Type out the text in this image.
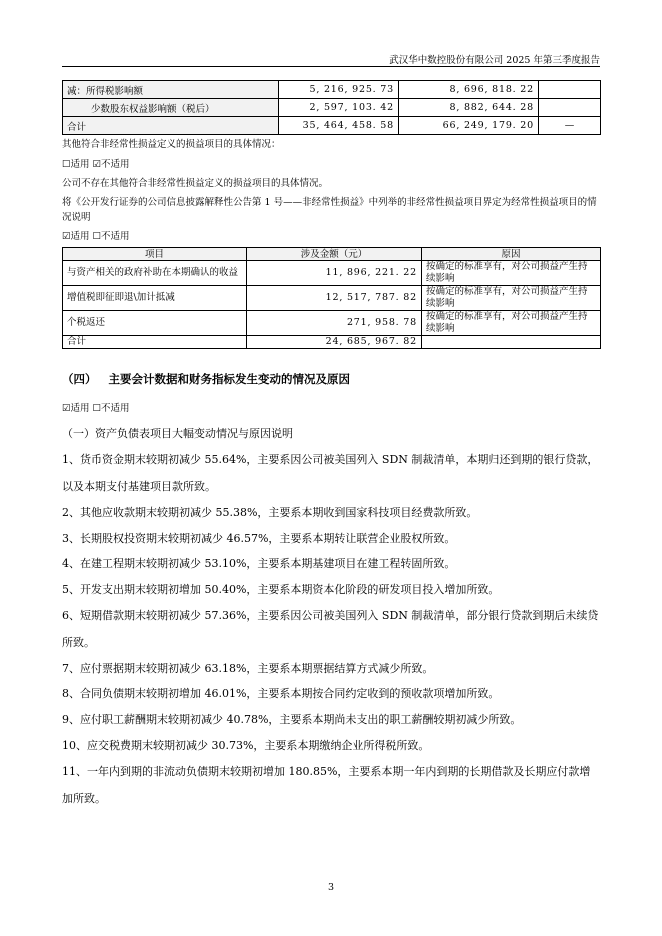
武汉华中数控股份有限公司 2025 年第三季度报告
减：所得税影响额	5, 216, 925. 73	8, 696, 818. 22	
少数股东权益影响额（税后）	2, 597, 103. 42	8, 882, 644. 28	
合计	35, 464, 458. 58	66, 249, 179. 20	—
其他符合非经常性损益定义的损益项目的具体情况：
☐适用 ☑不适用
公司不存在其他符合非经常性损益定义的损益项目的具体情况。
将《公开发行证券的公司信息披露解释性公告第 1 号——非经常性损益》中列举的非经常性损益项目界定为经常性损益项目的情况说明
☑适用 ☐不适用
项目	涉及金额（元）	原因
与资产相关的政府补助在本期确认的收益	11, 896, 221. 22	按确定的标准享有，对公司损益产生持续影响
增值税即征即退\加计抵减	12, 517, 787. 82	按确定的标准享有，对公司损益产生持续影响
个税返还	271, 958. 78	按确定的标准享有，对公司损益产生持续影响
合计	24, 685, 967. 82	
（四） 主要会计数据和财务指标发生变动的情况及原因
☑适用 ☐不适用
（一）资产负债表项目大幅变动情况与原因说明
1、货币资金期末较期初减少 55.64%，主要系因公司被美国列入 SDN 制裁清单，本期归还到期的银行贷款，以及本期支付基建项目款所致。
2、其他应收款期末较期初减少 55.38%，主要系本期收到国家科技项目经费款所致。
3、长期股权投资期末较期初减少 46.57%，主要系本期转让联营企业股权所致。
4、在建工程期末较期初减少 53.10%，主要系本期基建项目在建工程转固所致。
5、开发支出期末较期初增加 50.40%，主要系本期资本化阶段的研发项目投入增加所致。
6、短期借款期末较期初减少 57.36%，主要系因公司被美国列入 SDN 制裁清单，部分银行贷款到期后未续贷所致。
7、应付票据期末较期初减少 63.18%，主要系本期票据结算方式减少所致。
8、合同负债期末较期初增加 46.01%，主要系本期按合同约定收到的预收款项增加所致。
9、应付职工薪酬期末较期初减少 40.78%，主要系本期尚未支出的职工薪酬较期初减少所致。
10、应交税费期末较期初减少 30.73%，主要系本期缴纳企业所得税所致。
11、一年内到期的非流动负债期末较期初增加 180.85%，主要系本期一年内到期的长期借款及长期应付款增加所致。
3
